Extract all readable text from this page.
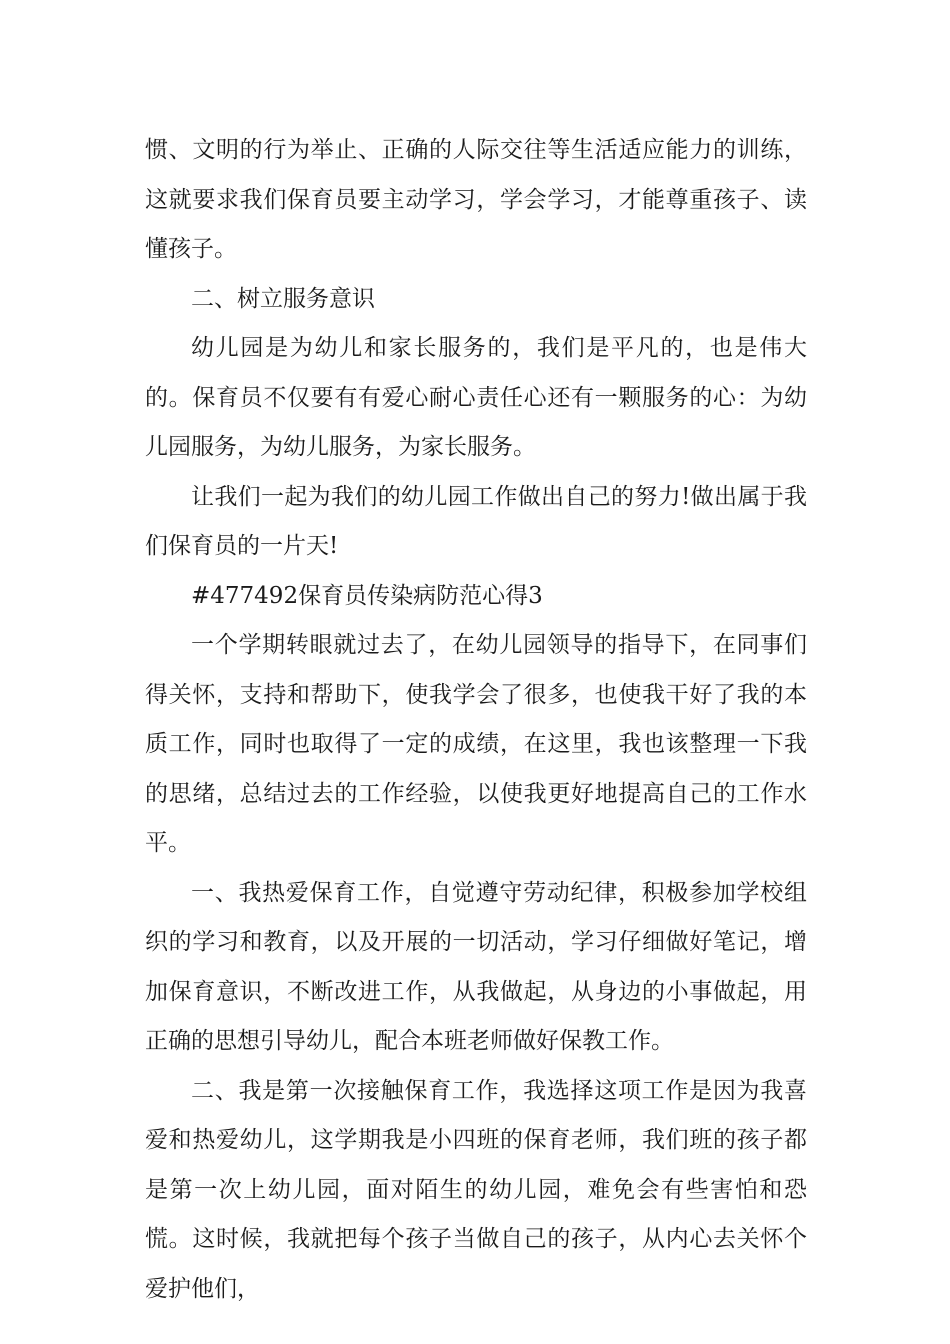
惯、文明的行为举止、正确的人际交往等生活适应能力的训练，这就要求我们保育员要主动学习，学会学习，才能尊重孩子、读懂孩子。

二、树立服务意识

幼儿园是为幼儿和家长服务的，我们是平凡的，也是伟大的。保育员不仅要有有爱心耐心责任心还有一颗服务的心：为幼儿园服务，为幼儿服务，为家长服务。

让我们一起为我们的幼儿园工作做出自己的努力!做出属于我们保育员的一片天!

#477492保育员传染病防范心得3

一个学期转眼就过去了，在幼儿园领导的指导下，在同事们得关怀，支持和帮助下，使我学会了很多，也使我干好了我的本质工作，同时也取得了一定的成绩，在这里，我也该整理一下我的思绪，总结过去的工作经验，以使我更好地提高自己的工作水平。

一、我热爱保育工作，自觉遵守劳动纪律，积极参加学校组织的学习和教育，以及开展的一切活动，学习仔细做好笔记，增加保育意识，不断改进工作，从我做起，从身边的小事做起，用正确的思想引导幼儿，配合本班老师做好保教工作。

二、我是第一次接触保育工作，我选择这项工作是因为我喜爱和热爱幼儿，这学期我是小四班的保育老师，我们班的孩子都是第一次上幼儿园，面对陌生的幼儿园，难免会有些害怕和恐慌。这时候，我就把每个孩子当做自己的孩子，从内心去关怀个爱护他们，
